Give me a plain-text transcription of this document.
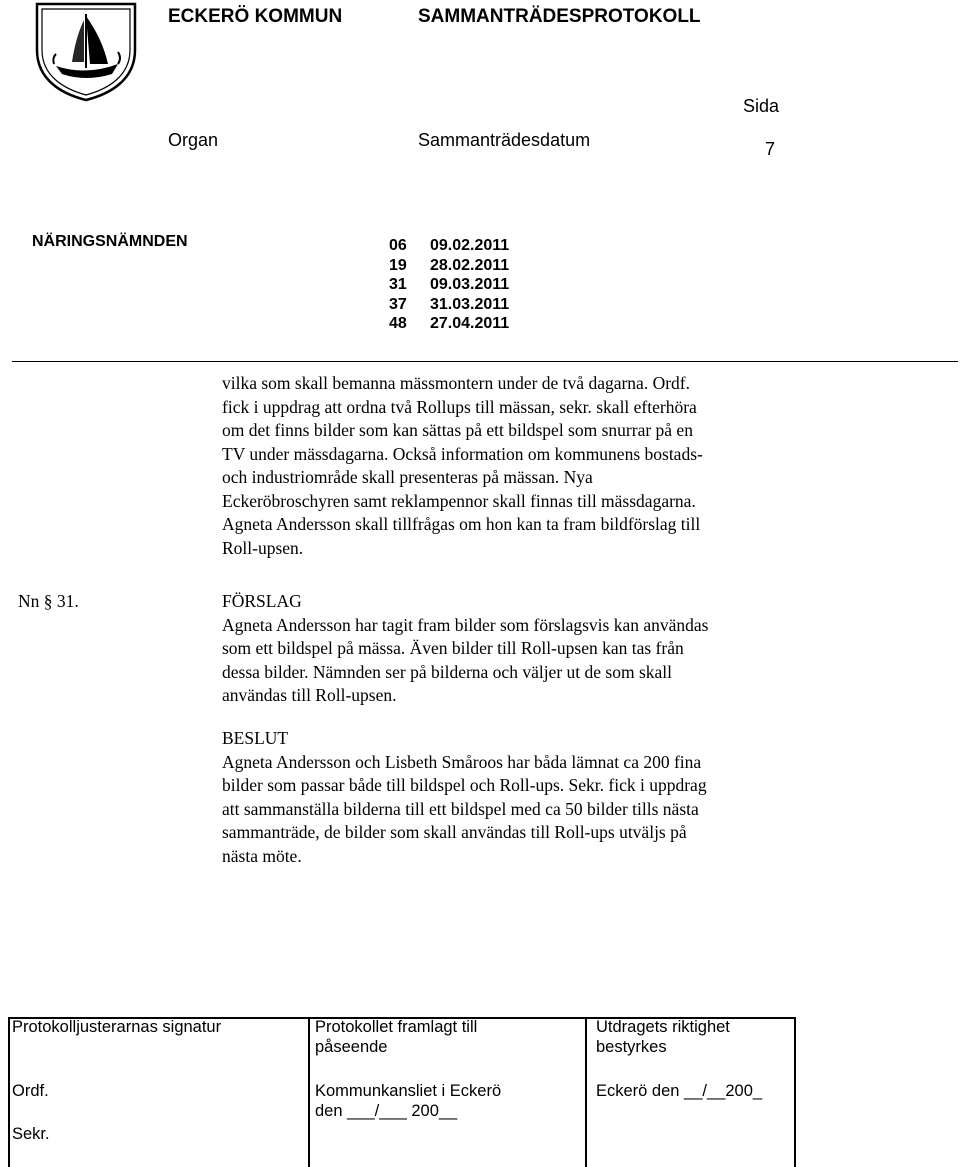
ECKERÖ KOMMUN	SAMMANTRÄDESPROTOKOLL
Sida
7
Organ	Sammanträdesdatum
NÄRINGSNÄMNDEN	06 09.02.2011
19 28.02.2011
31 09.03.2011
37 31.03.2011
48 27.04.2011
vilka som skall bemanna mässmontern under de två dagarna. Ordf.
fick i uppdrag att ordna två Rollups till mässan, sekr. skall efterhöra
om det finns bilder som kan sättas på ett bildspel som snurrar på en
TV under mässdagarna. Också information om kommunens bostads-
och industriområde skall presenteras på mässan. Nya
Eckeröbroschyren samt reklampennor skall finnas till mässdagarna.
Agneta Andersson skall tillfrågas om hon kan ta fram bildförslag till
Roll-upsen.
Nn § 31.	FÖRSLAG
Agneta Andersson har tagit fram bilder som förslagsvis kan användas
som ett bildspel på mässa. Även bilder till Roll-upsen kan tas från
dessa bilder. Nämnden ser på bilderna och väljer ut de som skall
användas till Roll-upsen.
BESLUT
Agneta Andersson och Lisbeth Småroos har båda lämnat ca 200 fina
bilder som passar både till bildspel och Roll-ups. Sekr. fick i uppdrag
att sammanställa bilderna till ett bildspel med ca 50 bilder tills nästa
sammanträde, de bilder som skall användas till Roll-ups utväljs på
nästa möte.
Protokolljusterarnas signatur
Ordf.
Sekr.
Protokollet framlagt till
påseende
Kommunkansliet i Eckerö
den ___/___ 200__
Utdragets riktighet
bestyrkes
Eckerö den __/__200_
